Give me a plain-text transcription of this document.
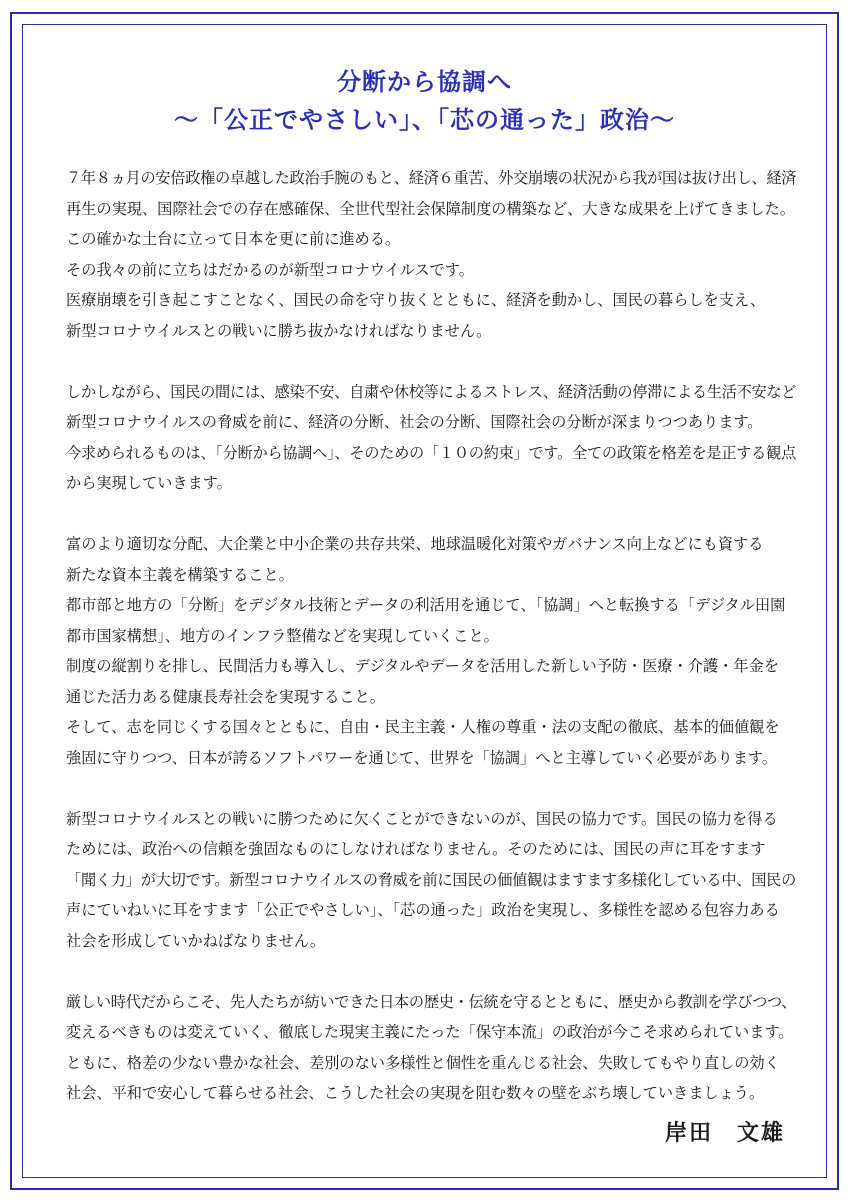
分断から協調へ
～「公正でやさしい」、「芯の通った」政治～

７年８ヵ月の安倍政権の卓越した政治手腕のもと、経済６重苦、外交崩壊の状況から我が国は抜け出し、経済

再生の実現、国際社会での存在感確保、全世代型社会保障制度の構築など、大きな成果を上げてきました。

この確かな土台に立って日本を更に前に進める。

その我々の前に立ちはだかるのが新型コロナウイルスです。

医療崩壊を引き起こすことなく、国民の命を守り抜くとともに、経済を動かし、国民の暮らしを支え、

新型コロナウイルスとの戦いに勝ち抜かなければなりません。

しかしながら、国民の間には、感染不安、自粛や休校等によるストレス、経済活動の停滞による生活不安など

新型コロナウイルスの脅威を前に、経済の分断、社会の分断、国際社会の分断が深まりつつあります。

今求められるものは、「分断から協調へ」、そのための「１０の約束」です。全ての政策を格差を是正する観点

から実現していきます。

富のより適切な分配、大企業と中小企業の共存共栄、地球温暖化対策やガバナンス向上などにも資する

新たな資本主義を構築すること。

都市部と地方の「分断」をデジタル技術とデータの利活用を通じて、「協調」へと転換する「デジタル田園

都市国家構想」、地方のインフラ整備などを実現していくこと。

制度の縦割りを排し、民間活力も導入し、デジタルやデータを活用した新しい予防・医療・介護・年金を

通じた活力ある健康長寿社会を実現すること。

そして、志を同じくする国々とともに、自由・民主主義・人権の尊重・法の支配の徹底、基本的価値観を

強固に守りつつ、日本が誇るソフトパワーを通じて、世界を「協調」へと主導していく必要があります。

新型コロナウイルスとの戦いに勝つために欠くことができないのが、国民の協力です。国民の協力を得る

ためには、政治への信頼を強固なものにしなければなりません。そのためには、国民の声に耳をすます

「聞く力」が大切です。新型コロナウイルスの脅威を前に国民の価値観はますます多様化している中、国民の

声にていねいに耳をすます「公正でやさしい」、「芯の通った」政治を実現し、多様性を認める包容力ある

社会を形成していかねばなりません。

厳しい時代だからこそ、先人たちが紡いできた日本の歴史・伝統を守るとともに、歴史から教訓を学びつつ、

変えるべきものは変えていく、徹底した現実主義にたった「保守本流」の政治が今こそ求められています。

ともに、格差の少ない豊かな社会、差別のない多様性と個性を重んじる社会、失敗してもやり直しの効く

社会、平和で安心して暮らせる社会、こうした社会の実現を阻む数々の壁をぶち壊していきましょう。

岸田　文雄
